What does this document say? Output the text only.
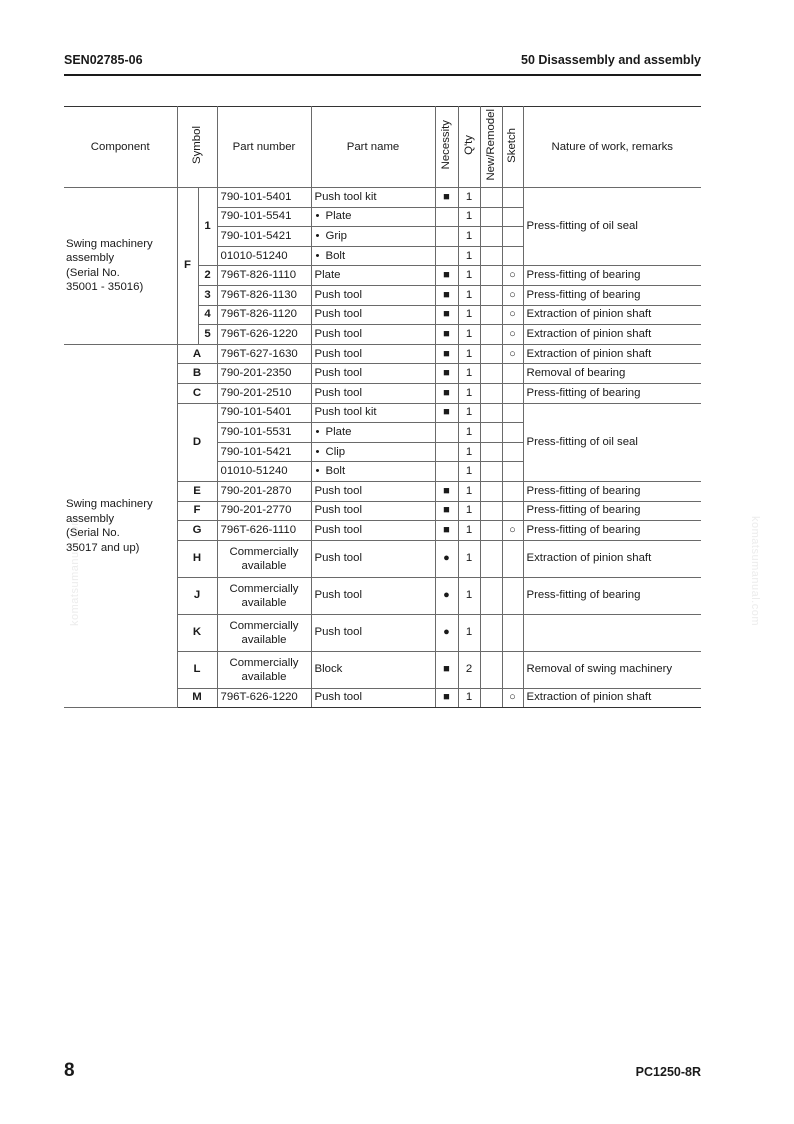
SEN02785-06	50 Disassembly and assembly
komatsumanual.com	komatsumanual.com
Component	Symbol		Part number	Part name	Necessity	Q'ty	New/Remodel	Sketch	Nature of work, remarks
Swing machinery
assembly
(Serial No.
35001 - 35016)	F	1	790-101-5401	Push tool kit	■	1			Press-fitting of oil seal
			790-101-5541	• Plate		1			
			790-101-5421	• Grip		1			
			01010-51240	• Bolt		1			
		2	796T-826-1110	Plate	■	1		○	Press-fitting of bearing
		3	796T-826-1130	Push tool	■	1		○	Press-fitting of bearing
		4	796T-826-1120	Push tool	■	1		○	Extraction of pinion shaft
		5	796T-626-1220	Push tool	■	1		○	Extraction of pinion shaft
Swing machinery
assembly
(Serial No.
35017 and up)	A		796T-627-1630	Push tool	■	1		○	Extraction of pinion shaft
	B		790-201-2350	Push tool	■	1			Removal of bearing
	C		790-201-2510	Push tool	■	1			Press-fitting of bearing
	D		790-101-5401	Push tool kit	■	1			Press-fitting of oil seal
			790-101-5531	• Plate		1			
			790-101-5421	• Clip		1			
			01010-51240	• Bolt		1			
	E		790-201-2870	Push tool	■	1			Press-fitting of bearing
	F		790-201-2770	Push tool	■	1			Press-fitting of bearing
	G		796T-626-1110	Push tool	■	1		○	Press-fitting of bearing
	H		Commercially
available	Push tool	●	1			Extraction of pinion shaft
	J		Commercially
available	Push tool	●	1			Press-fitting of bearing
	K		Commercially
available	Push tool	●	1			
	L		Commercially
available	Block	■	2			Removal of swing machinery
	M		796T-626-1220	Push tool	■	1		○	Extraction of pinion shaft
8	PC1250-8R
